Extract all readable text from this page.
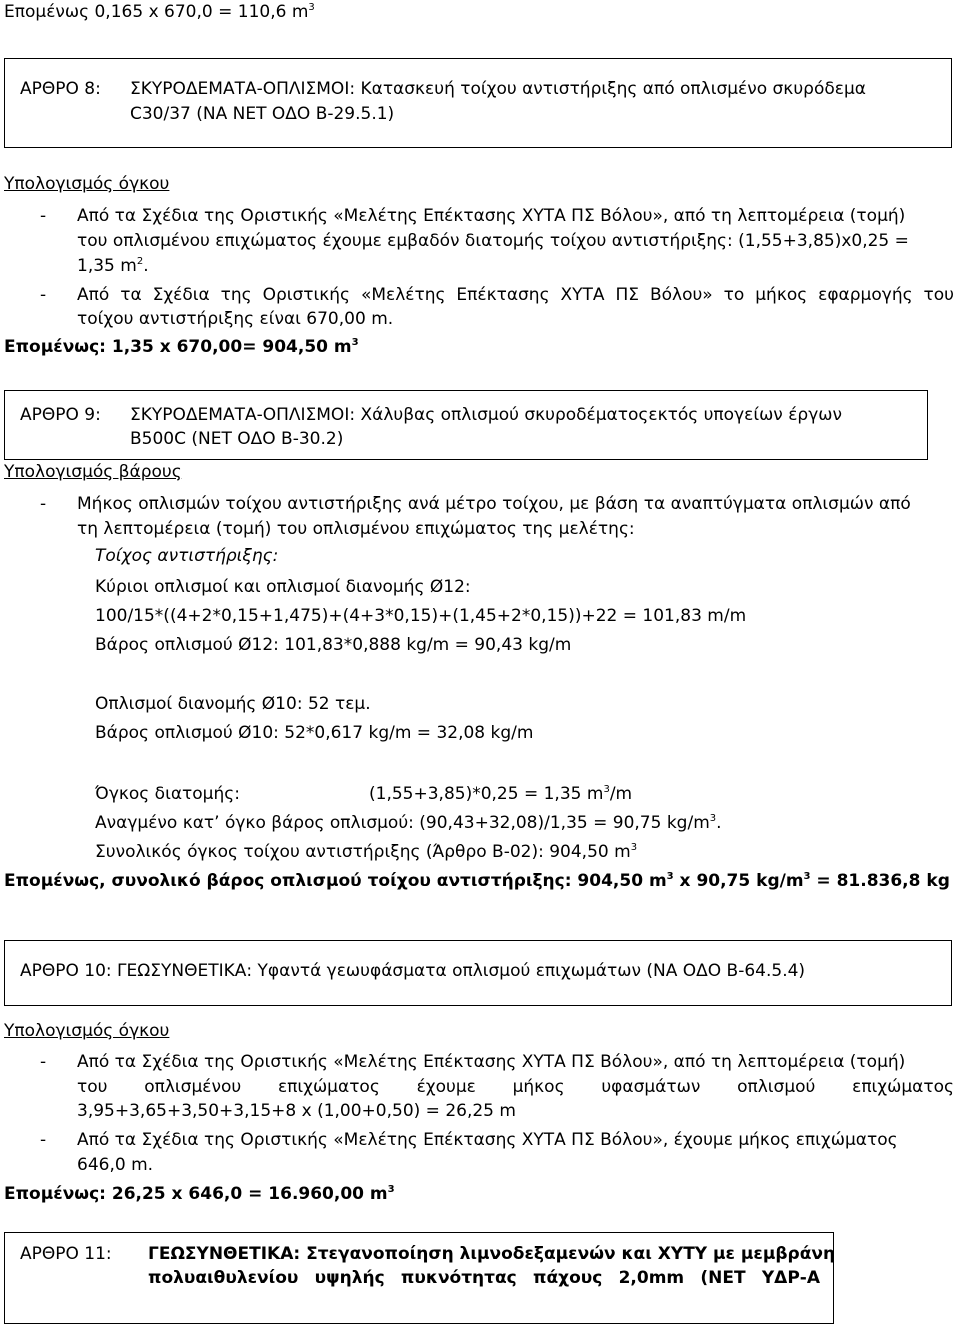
Επομένως 0,165 x 670,0 = 110,6 $m^3$
ΑΡΘΡΟ 8: ΣΚΥΡΟΔΕΜΑΤΑ-ΟΠΛΙΣΜΟΙ: Κατασκευή τοίχου αντιστήριξης από οπλισμένο σκυρόδεμα
C30/37 (ΝΑ ΝΕΤ ΟΔΟ Β-29.5.1)
Υπολογισμός όγκου
- Από τα Σχέδια της Οριστικής «Μελέτης Επέκτασης ΧΥΤΑ ΠΣ Βόλου», από τη λεπτομέρεια (τομή)
του οπλισμένου επιχώματος έχουμε εμβαδόν διατομής τοίχου αντιστήριξης: (1,55+3,85)x0,25 =
1,35 $m^2$.
- Από τα Σχέδια της Οριστικής «Μελέτης Επέκτασης ΧΥΤΑ ΠΣ Βόλου» το μήκος εφαρμογής του
τοίχου αντιστήριξης είναι 670,00 m.
Επομένως: 1,35 x 670,00= 904,50 $m^3$
ΑΡΘΡΟ 9: ΣΚΥΡΟΔΕΜΑΤΑ-ΟΠΛΙΣΜΟΙ: Χάλυβας οπλισμού σκυροδέματοςεκτός υπογείων έργων
B500C (ΝΕΤ ΟΔΟ Β-30.2)
Υπολογισμός βάρους
- Μήκος οπλισμών τοίχου αντιστήριξης ανά μέτρο τοίχου, με βάση τα αναπτύγματα οπλισμών από
τη λεπτομέρεια (τομή) του οπλισμένου επιχώματος της μελέτης:
Τοίχος αντιστήριξης:
Κύριοι οπλισμοί και οπλισμοί διανομής Ø12:
100/15*((4+2*0,15+1,475)+(4+3*0,15)+(1,45+2*0,15))+22 = 101,83 m/m
Βάρος οπλισμού Ø12: 101,83*0,888 kg/m = 90,43 kg/m
Οπλισμοί διανομής Ø10: 52 τεμ.
Βάρος οπλισμού Ø10: 52*0,617 kg/m = 32,08 kg/m
Όγκος διατομής:	(1,55+3,85)*0,25 = 1,35 $m^3/m$
Αναγμένο κατ’ όγκο βάρος οπλισμού: (90,43+32,08)/1,35 = 90,75 $kg/m^3$.
Συνολικός όγκος τοίχου αντιστήριξης (Άρθρο Β-02): 904,50 $m^3$
Επομένως, συνολικό βάρος οπλισμού τοίχου αντιστήριξης: 904,50 $m^3$ x 90,75 $kg/m^3 = 81.836,8$ kg
ΑΡΘΡΟ 10: ΓΕΩΣΥΝΘΕΤΙΚΑ: Υφαντά γεωυφάσματα οπλισμού επιχωμάτων (ΝΑ ΟΔΟ Β-64.5.4)
Υπολογισμός όγκου
- Από τα Σχέδια της Οριστικής «Μελέτης Επέκτασης ΧΥΤΑ ΠΣ Βόλου», από τη λεπτομέρεια (τομή)
του οπλισμένου επιχώματος έχουμε μήκος υφασμάτων οπλισμού επιχώματος
3,95+3,65+3,50+3,15+8 x (1,00+0,50) = 26,25 m
- Από τα Σχέδια της Οριστικής «Μελέτης Επέκτασης ΧΥΤΑ ΠΣ Βόλου», έχουμε μήκος επιχώματος
646,0 m.
Επομένως: 26,25 x 646,0 = 16.960,00 $m^3$
ΑΡΘΡΟ 11: ΓΕΩΣΥΝΘΕΤΙΚΑ: Στεγανοποίηση λιμνοδεξαμενών και ΧΥΤΥ με μεμβράνη
πολυαιθυλενίου υψηλής πυκνότητας πάχους 2,0mm (ΝΕΤ ΥΔΡ-Α
